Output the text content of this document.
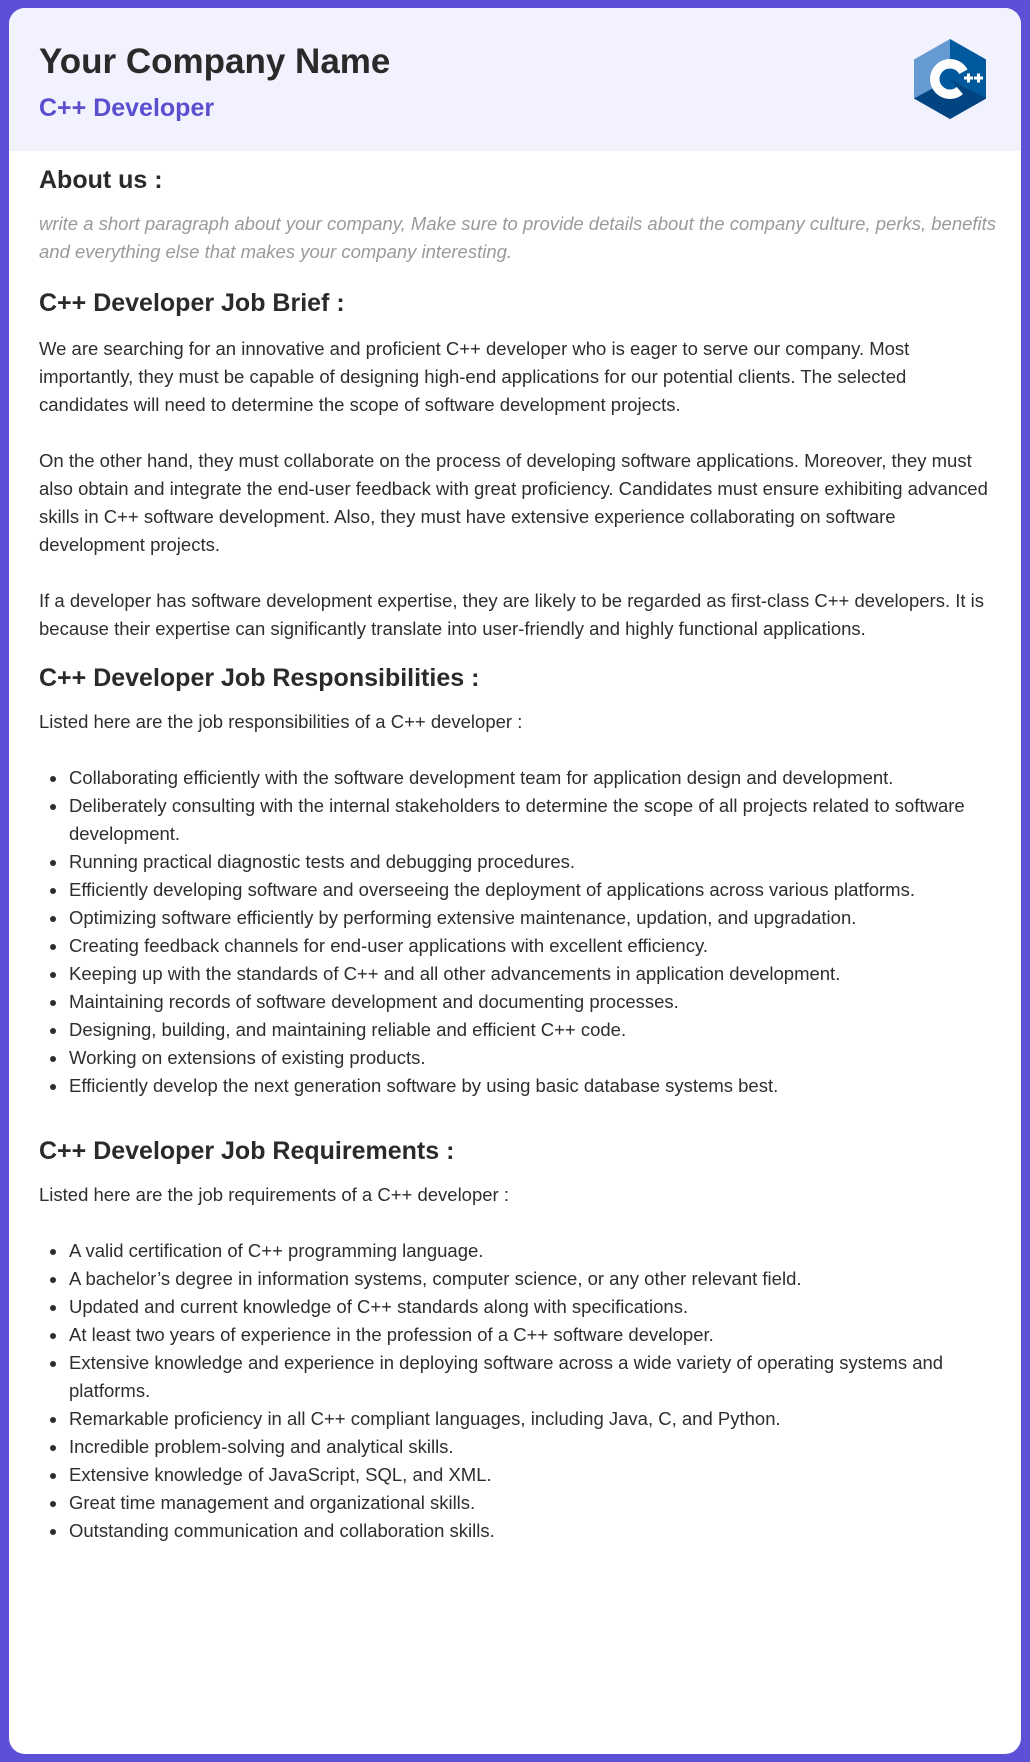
Your Company Name
C++ Developer
About us :

write a short paragraph about your company, Make sure to provide details about the company culture, perks, benefits and everything else that makes your company interesting.

C++ Developer Job Brief :

We are searching for an innovative and proficient C++ developer who is eager to serve our company. Most importantly, they must be capable of designing high-end applications for our potential clients. The selected candidates will need to determine the scope of software development projects.

On the other hand, they must collaborate on the process of developing software applications. Moreover, they must also obtain and integrate the end-user feedback with great proficiency. Candidates must ensure exhibiting advanced skills in C++ software development. Also, they must have extensive experience collaborating on software development projects.

If a developer has software development expertise, they are likely to be regarded as first-class C++ developers. It is because their expertise can significantly translate into user-friendly and highly functional applications.

C++ Developer Job Responsibilities :

Listed here are the job responsibilities of a C++ developer :

Collaborating efficiently with the software development team for application design and development.
Deliberately consulting with the internal stakeholders to determine the scope of all projects related to software development.
Running practical diagnostic tests and debugging procedures.
Efficiently developing software and overseeing the deployment of applications across various platforms.
Optimizing software efficiently by performing extensive maintenance, updation, and upgradation.
Creating feedback channels for end-user applications with excellent efficiency.
Keeping up with the standards of C++ and all other advancements in application development.
Maintaining records of software development and documenting processes.
Designing, building, and maintaining reliable and efficient C++ code.
Working on extensions of existing products.
Efficiently develop the next generation software by using basic database systems best.
C++ Developer Job Requirements :

Listed here are the job requirements of a C++ developer :

A valid certification of C++ programming language.
A bachelor’s degree in information systems, computer science, or any other relevant field.
Updated and current knowledge of C++ standards along with specifications.
At least two years of experience in the profession of a C++ software developer.
Extensive knowledge and experience in deploying software across a wide variety of operating systems and platforms.
Remarkable proficiency in all C++ compliant languages, including Java, C, and Python.
Incredible problem-solving and analytical skills.
Extensive knowledge of JavaScript, SQL, and XML.
Great time management and organizational skills.
Outstanding communication and collaboration skills.
